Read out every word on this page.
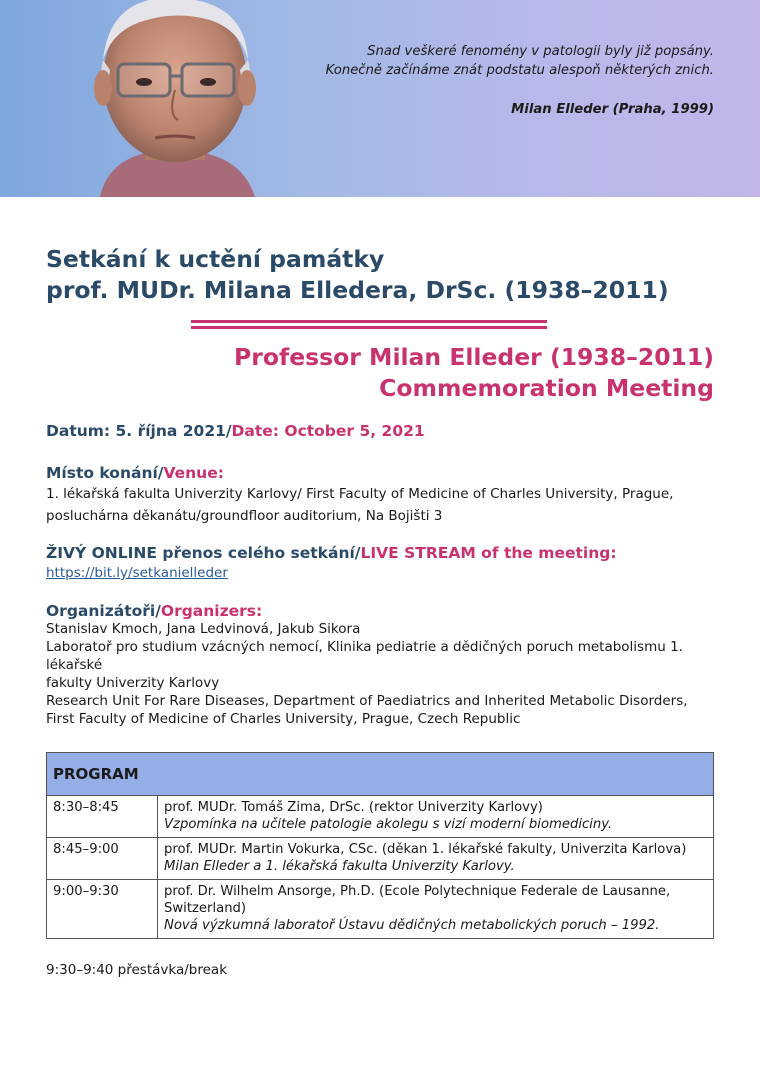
Snad veškeré fenomény v patologii byly již popsány.
Konečně začínáme znát podstatu alespoň některých znich.
Milan Elleder (Praha, 1999)
Setkání k uctění památky
prof. MUDr. Milana Elledera, DrSc. (1938–2011)
Professor Milan Elleder (1938–2011)
Commemoration Meeting
Datum: 5. října 2021/Date: October 5, 2021
Místo konání/Venue:
1. lékařská fakulta Univerzity Karlovy/ First Faculty of Medicine of Charles University, Prague,
posluchárna děkanátu/groundfloor auditorium, Na Bojišti 3
ŽIVÝ ONLINE přenos celého setkání/LIVE STREAM of the meeting:
https://bit.ly/setkanielleder
Organizátoři/Organizers:
Stanislav Kmoch, Jana Ledvinová, Jakub Sikora
Laboratoř pro studium vzácných nemocí, Klinika pediatrie a dědičných poruch metabolismu 1. lékařské
fakulty Univerzity Karlovy
Research Unit For Rare Diseases, Department of Paediatrics and Inherited Metabolic Disorders,
First Faculty of Medicine of Charles University, Prague, Czech Republic
PROGRAM	
8:30–8:45	prof. MUDr. Tomáš Zima, DrSc. (rektor Univerzity Karlovy)
Vzpomínka na učitele patologie akolegu s vizí moderní biomediciny.

8:45–9:00	prof. MUDr. Martin Vokurka, CSc. (děkan 1. lékařské fakulty, Univerzita Karlova)
Milan Elleder a 1. lékařská fakulta Univerzity Karlovy.

9:00–9:30	prof. Dr. Wilhelm Ansorge, Ph.D. (Ecole Polytechnique Federale de Lausanne,
Switzerland)
Nová výzkumná laboratoř Ústavu dědičných metabolických poruch – 1992.
9:30–9:40 přestávka/break
